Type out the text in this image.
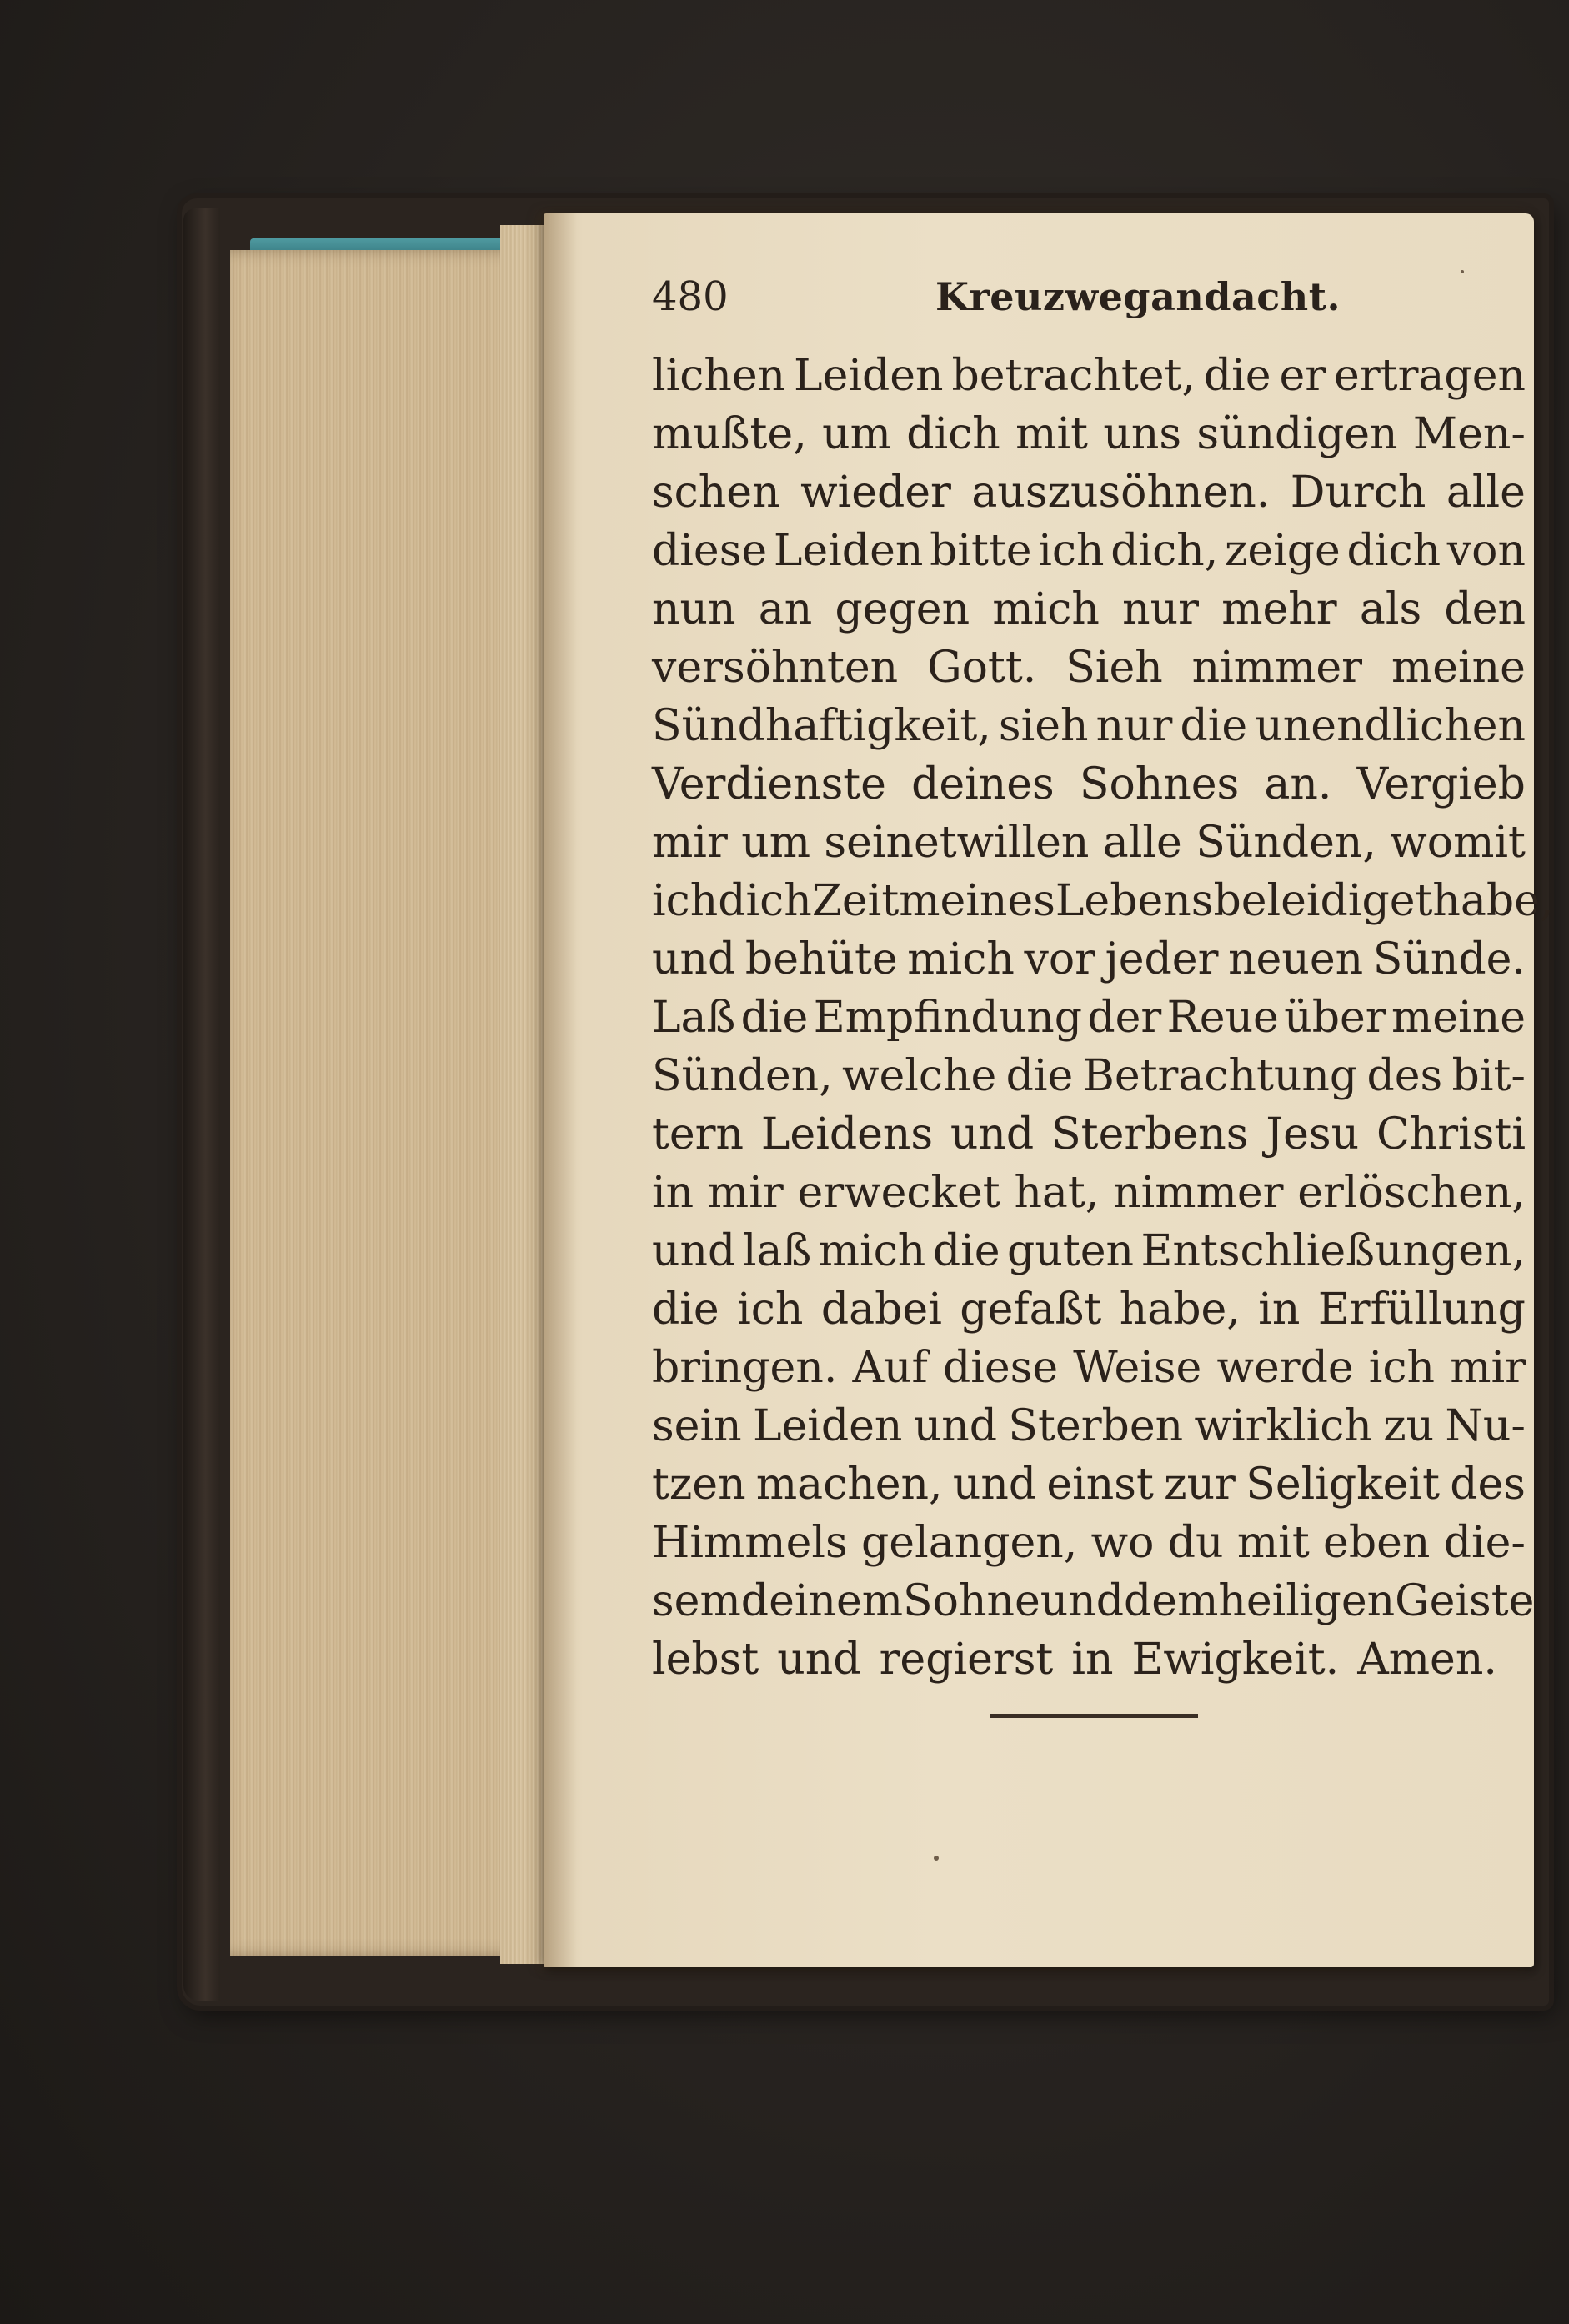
480	Kreuzwegandacht.
lichen Leiden betrachtet, die er ertragen
mußte, um dich mit uns sündigen Men-
schen wieder auszusöhnen. Durch alle
diese Leiden bitte ich dich, zeige dich von
nun an gegen mich nur mehr als den
versöhnten Gott. Sieh nimmer meine
Sündhaftigkeit, sieh nur die unendlichen
Verdienste deines Sohnes an. Vergieb
mir um seinetwillen alle Sünden, womit
ich dich Zeit meines Lebens beleidiget habe,
und behüte mich vor jeder neuen Sünde.
Laß die Empfindung der Reue über meine
Sünden, welche die Betrachtung des bit-
tern Leidens und Sterbens Jesu Christi
in mir erwecket hat, nimmer erlöschen,
und laß mich die guten Entschließungen,
die ich dabei gefaßt habe, in Erfüllung
bringen. Auf diese Weise werde ich mir
sein Leiden und Sterben wirklich zu Nu-
tzen machen, und einst zur Seligkeit des
Himmels gelangen, wo du mit eben die-
sem deinem Sohne und dem heiligen Geiste
lebst und regierst in Ewigkeit. Amen.
